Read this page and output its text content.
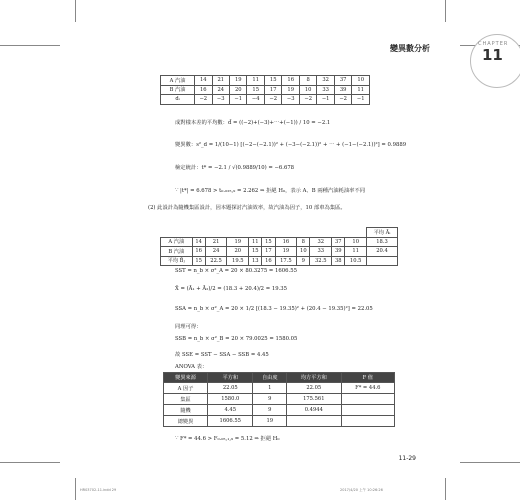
CHAPTER
變異數分析	11
A 汽油	14	21	19	11	15	16	8	32	37	10
B 汽油	16	24	20	15	17	19	10	33	39	11
dᵢ	−2	−3	−1	−4	−2	−3	−2	−1	−2	−1
成對樣本差的平均數：d̄ = ((−2)+(−3)+⋯+(−1)) / 10 = −2.1
變異數：s²_d = 1/(10−1) [(−2−(−2.1))² + (−3−(−2.1))² + ⋯ + (−1−(−2.1))²] = 0.9889
檢定統計：t* = −2.1 / √(0.9889/10) = −6.678
∵ |t*| = 6.678 > t₀.₀₂₅,₉ = 2.262 ⇒ 拒絕 H₀，表示 A、B 兩種汽油耗油率不同
(2) 此設計為隨機集區設計，因本題探討汽油效率，故汽油為因子，10 部車為集區。
											平均 Āᵢ
A 汽油	14	21	19	11	15	16	8	32	37	10	18.3
B 汽油	16	24	20	15	17	19	10	33	39	11	20.4
平均 B̄ⱼ	15	22.5	19.5	13	16	17.5	9	32.5	38	10.5	
SST = n_b × σ²_A = 20 × 80.3275 = 1606.55
X̄ = (Ā₁ + Ā₂)/2 = (18.3 + 20.4)/2 = 19.35
SSA = n_b × σ²_A = 20 × 1/2 [(18.3 − 19.35)² + (20.4 − 19.35)²] = 22.05
同理可得：
SSB = n_b × σ²_B = 20 × 79.0025 = 1580.05
故 SSE = SST − SSA − SSB = 4.45
ANOVA 表：
變異來源	平方和	自由度	均方平方和	F 值
A 因子	22.05	1	22.05	F* = 44.6
集區	1580.0	9	175.561	
隨機	4.45	9	0.4944	
總變異	1606.55	19		
∵ F* = 44.6 > F₀.₀₅,₁,₉ = 5.12 ⇒ 拒絕 H₀
11-29
HR03702-11.indd 29	2017/4/20 上午 10:26:26
